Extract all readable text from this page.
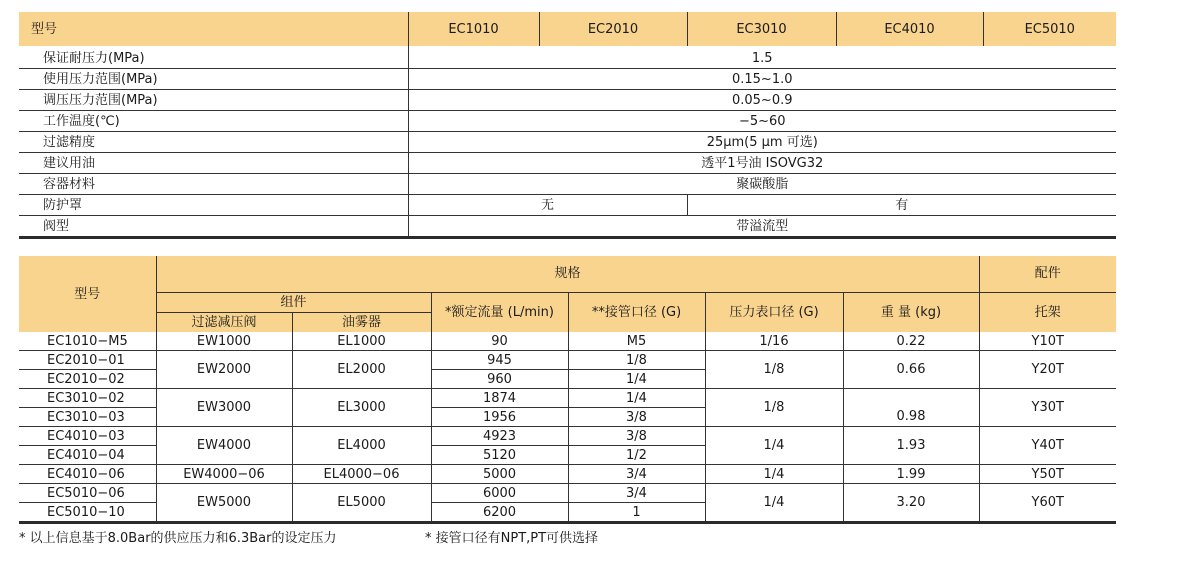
型号	EC1010	EC2010	EC3010	EC4010	EC5010
保证耐压力(MPa)	1.5				
使用压力范围(MPa)	0.15~1.0				
调压压力范围(MPa)	0.05~0.9				
工作温度(℃)	−5~60				
过滤精度	25μm(5 μm 可选)				
建议用油	透平1号油 ISOVG32				
容器材料	聚碳酸脂				
防护罩	无		有		
阀型	带溢流型				
型号	规格						配件
	组件		*额定流量 (L/min)	**接管口径 (G)	压力表口径 (G)	重 量 (kg)	托架
	过滤减压阀	油雾器					
EC1010−M5	EW1000	EL1000	90	M5	1/16	0.22	Y10T
EC2010−01	EW2000	EL2000	945	1/8	1/8	0.66	Y20T
EC2010−02			960	1/4			
EC3010−02	EW3000	EL3000	1874	1/4	1/8		Y30T
EC3010−03			1956	3/8		0.98	
EC4010−03	EW4000	EL4000	4923	3/8	1/4	1.93	Y40T
EC4010−04			5120	1/2			
EC4010−06	EW4000−06	EL4000−06	5000	3/4	1/4	1.99	Y50T
EC5010−06	EW5000	EL5000	6000	3/4	1/4	3.20	Y60T
EC5010−10			6200	1			
* 以上信息基于8.0Bar的供应压力和6.3Bar的设定压力	* 接管口径有NPT,PT可供选择
